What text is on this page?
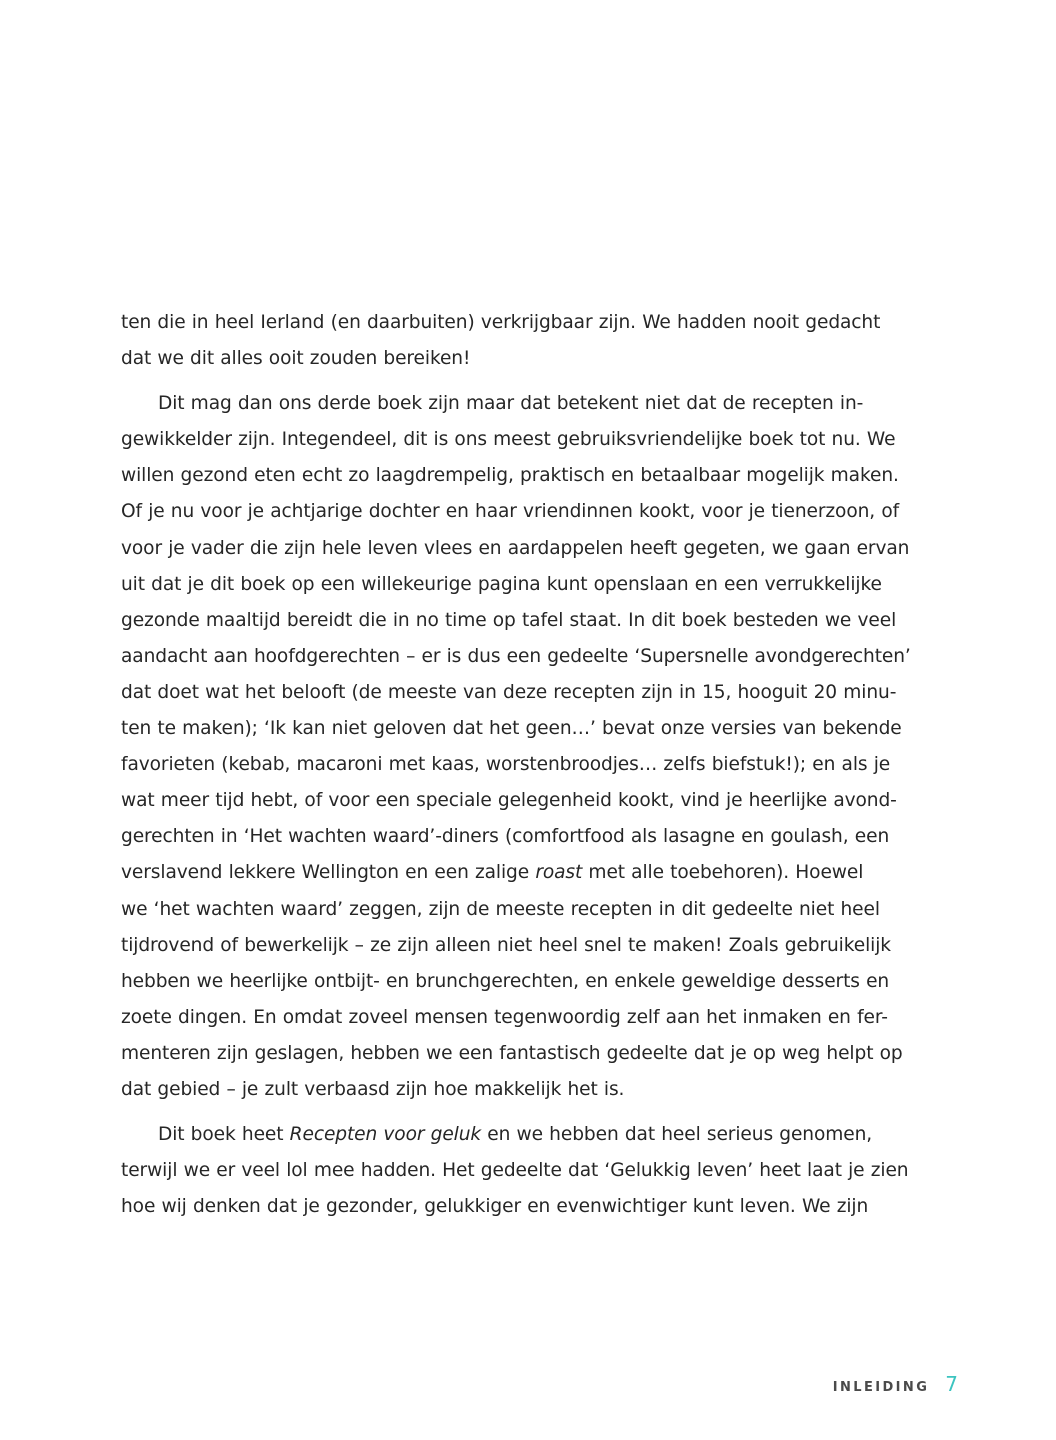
ten die in heel Ierland (en daarbuiten) verkrijgbaar zijn. We hadden nooit gedacht
dat we dit alles ooit zouden bereiken!
Dit mag dan ons derde boek zijn maar dat betekent niet dat de recepten in-
gewikkelder zijn. Integendeel, dit is ons meest gebruiksvriendelijke boek tot nu. We
willen gezond eten echt zo laagdrempelig, praktisch en betaalbaar mogelijk maken.
Of je nu voor je achtjarige dochter en haar vriendinnen kookt, voor je tienerzoon, of
voor je vader die zijn hele leven vlees en aardappelen heeft gegeten, we gaan ervan
uit dat je dit boek op een willekeurige pagina kunt openslaan en een verrukkelijke
gezonde maaltijd bereidt die in no time op tafel staat. In dit boek besteden we veel
aandacht aan hoofdgerechten – er is dus een gedeelte ‘Supersnelle avondgerechten’
dat doet wat het belooft (de meeste van deze recepten zijn in 15, hooguit 20 minu-
ten te maken); ‘Ik kan niet geloven dat het geen…’ bevat onze versies van bekende
favorieten (kebab, macaroni met kaas, worstenbroodjes… zelfs biefstuk!); en als je
wat meer tijd hebt, of voor een speciale gelegenheid kookt, vind je heerlijke avond-
gerechten in ‘Het wachten waard’-diners (comfortfood als lasagne en goulash, een
verslavend lekkere Wellington en een zalige roast met alle toebehoren). Hoewel
we ‘het wachten waard’ zeggen, zijn de meeste recepten in dit gedeelte niet heel
tijdrovend of bewerkelijk – ze zijn alleen niet heel snel te maken! Zoals gebruikelijk
hebben we heerlijke ontbijt- en brunchgerechten, en enkele geweldige desserts en
zoete dingen. En omdat zoveel mensen tegenwoordig zelf aan het inmaken en fer-
menteren zijn geslagen, hebben we een fantastisch gedeelte dat je op weg helpt op
dat gebied – je zult verbaasd zijn hoe makkelijk het is.
Dit boek heet Recepten voor geluk en we hebben dat heel serieus genomen,
terwijl we er veel lol mee hadden. Het gedeelte dat ‘Gelukkig leven’ heet laat je zien
hoe wij denken dat je gezonder, gelukkiger en evenwichtiger kunt leven. We zijn
INLEIDING 7
